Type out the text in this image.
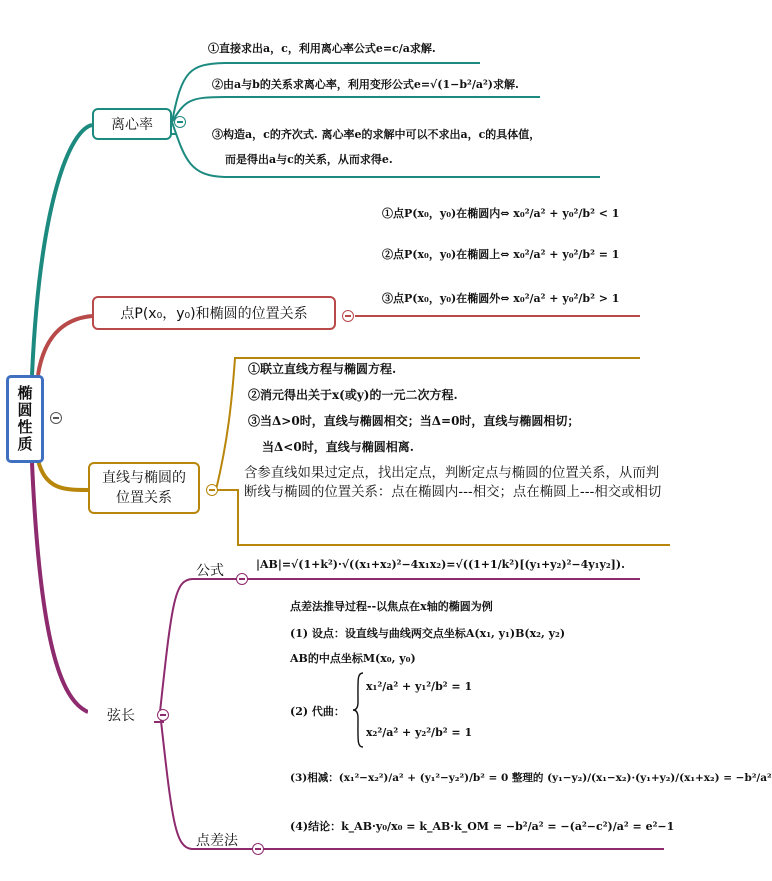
椭圆性质
离心率
①直接求出a，c，利用离心率公式e=c/a求解.
②由a与b的关系求离心率，利用变形公式e=√(1−b²/a²)求解.
③构造a，c的齐次式. 离心率e的求解中可以不求出a，c的具体值，
而是得出a与c的关系，从而求得e.
①点P(x₀，y₀)在椭圆内⇔ x₀²/a² + y₀²/b² < 1
②点P(x₀，y₀)在椭圆上⇔ x₀²/a² + y₀²/b² = 1
③点P(x₀，y₀)在椭圆外⇔ x₀²/a² + y₀²/b² > 1
点P(x₀，y₀)和椭圆的位置关系
①联立直线方程与椭圆方程.
②消元得出关于x(或y)的一元二次方程.
③当Δ>0时，直线与椭圆相交；当Δ=0时，直线与椭圆相切；
当Δ<0时，直线与椭圆相离.
直线与椭圆的位置关系
含参直线如果过定点，找出定点，判断定点与椭圆的位置关系，从而判断线与椭圆的位置关系：点在椭圆内---相交；点在椭圆上---相交或相切
公式	|AB|=√(1+k²)·√((x₁+x₂)²−4x₁x₂)=√((1+1/k²)[(y₁+y₂)²−4y₁y₂]).
点差法推导过程--以焦点在x轴的椭圆为例
(1) 设点：设直线与曲线两交点坐标A(x₁, y₁)B(x₂, y₂)
AB的中点坐标M(x₀, y₀)
(2) 代曲：
x₁²/a² + y₁²/b² = 1
x₂²/a² + y₂²/b² = 1
(3)相减：(x₁²−x₂²)/a² + (y₁²−y₂²)/b² = 0 整理的 (y₁−y₂)/(x₁−x₂)·(y₁+y₂)/(x₁+x₂) = −b²/a²
(4)结论：k_AB·y₀/x₀ = k_AB·k_OM = −b²/a² = −(a²−c²)/a² = e²−1
弦长
点差法
